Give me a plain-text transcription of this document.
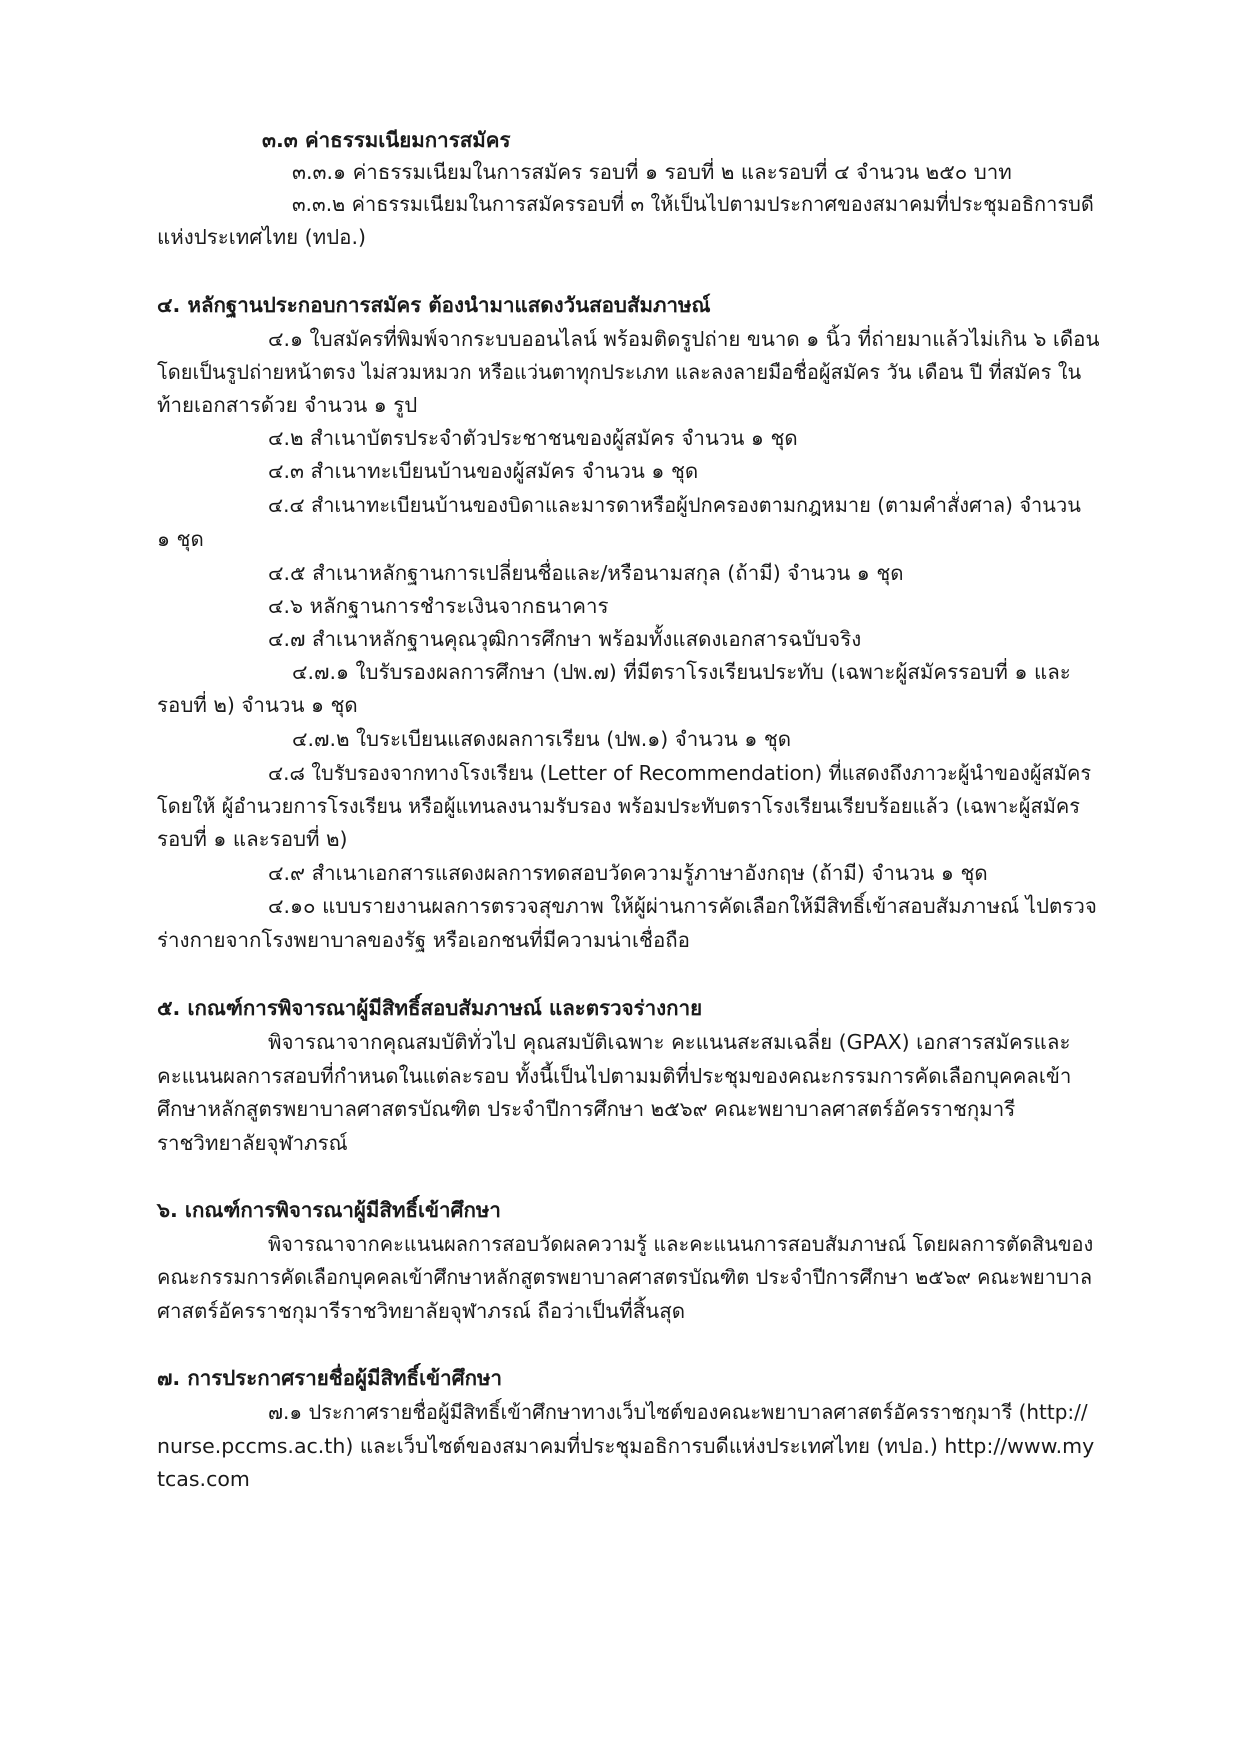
๓.๓ ค่าธรรมเนียมการสมัคร
๓.๓.๑ ค่าธรรมเนียมในการสมัคร รอบที่ ๑ รอบที่ ๒ และรอบที่ ๔ จำนวน ๒๕๐ บาท
๓.๓.๒ ค่าธรรมเนียมในการสมัครรอบที่ ๓ ให้เป็นไปตามประกาศของสมาคมที่ประชุมอธิการบดี
แห่งประเทศไทย (ทปอ.)
๔. หลักฐานประกอบการสมัคร ต้องนำมาแสดงวันสอบสัมภาษณ์
๔.๑ ใบสมัครที่พิมพ์จากระบบออนไลน์ พร้อมติดรูปถ่าย ขนาด ๑ นิ้ว ที่ถ่ายมาแล้วไม่เกิน ๖ เดือน
โดยเป็นรูปถ่ายหน้าตรง ไม่สวมหมวก หรือแว่นตาทุกประเภท และลงลายมือชื่อผู้สมัคร วัน เดือน ปี ที่สมัคร ใน
ท้ายเอกสารด้วย จำนวน ๑ รูป
๔.๒ สำเนาบัตรประจำตัวประชาชนของผู้สมัคร จำนวน ๑ ชุด
๔.๓ สำเนาทะเบียนบ้านของผู้สมัคร จำนวน ๑ ชุด
๔.๔ สำเนาทะเบียนบ้านของบิดาและมารดาหรือผู้ปกครองตามกฎหมาย (ตามคำสั่งศาล) จำนวน
๑ ชุด
๔.๕ สำเนาหลักฐานการเปลี่ยนชื่อและ/หรือนามสกุล (ถ้ามี) จำนวน ๑ ชุด
๔.๖ หลักฐานการชำระเงินจากธนาคาร
๔.๗ สำเนาหลักฐานคุณวุฒิการศึกษา พร้อมทั้งแสดงเอกสารฉบับจริง
๔.๗.๑ ใบรับรองผลการศึกษา (ปพ.๗) ที่มีตราโรงเรียนประทับ (เฉพาะผู้สมัครรอบที่ ๑ และ
รอบที่ ๒) จำนวน ๑ ชุด
๔.๗.๒ ใบระเบียนแสดงผลการเรียน (ปพ.๑) จำนวน ๑ ชุด
๔.๘ ใบรับรองจากทางโรงเรียน (Letter of Recommendation) ที่แสดงถึงภาวะผู้นำของผู้สมัคร
โดยให้ ผู้อำนวยการโรงเรียน หรือผู้แทนลงนามรับรอง พร้อมประทับตราโรงเรียนเรียบร้อยแล้ว (เฉพาะผู้สมัคร
รอบที่ ๑ และรอบที่ ๒)
๔.๙ สำเนาเอกสารแสดงผลการทดสอบวัดความรู้ภาษาอังกฤษ (ถ้ามี) จำนวน ๑ ชุด
๔.๑๐ แบบรายงานผลการตรวจสุขภาพ ให้ผู้ผ่านการคัดเลือกให้มีสิทธิ์เข้าสอบสัมภาษณ์ ไปตรวจ
ร่างกายจากโรงพยาบาลของรัฐ หรือเอกชนที่มีความน่าเชื่อถือ
๕. เกณฑ์การพิจารณาผู้มีสิทธิ์สอบสัมภาษณ์ และตรวจร่างกาย
พิจารณาจากคุณสมบัติทั่วไป คุณสมบัติเฉพาะ คะแนนสะสมเฉลี่ย (GPAX) เอกสารสมัครและ
คะแนนผลการสอบที่กำหนดในแต่ละรอบ ทั้งนี้เป็นไปตามมติที่ประชุมของคณะกรรมการคัดเลือกบุคคลเข้า
ศึกษาหลักสูตรพยาบาลศาสตรบัณฑิต ประจำปีการศึกษา ๒๕๖๙ คณะพยาบาลศาสตร์อัครราชกุมารี
ราชวิทยาลัยจุฬาภรณ์
๖. เกณฑ์การพิจารณาผู้มีสิทธิ์เข้าศึกษา
พิจารณาจากคะแนนผลการสอบวัดผลความรู้ และคะแนนการสอบสัมภาษณ์ โดยผลการตัดสินของ
คณะกรรมการคัดเลือกบุคคลเข้าศึกษาหลักสูตรพยาบาลศาสตรบัณฑิต ประจำปีการศึกษา ๒๕๖๙ คณะพยาบาล
ศาสตร์อัครราชกุมารีราชวิทยาลัยจุฬาภรณ์ ถือว่าเป็นที่สิ้นสุด
๗. การประกาศรายชื่อผู้มีสิทธิ์เข้าศึกษา
๗.๑ ประกาศรายชื่อผู้มีสิทธิ์เข้าศึกษาทางเว็บไซต์ของคณะพยาบาลศาสตร์อัครราชกุมารี (http://
nurse.pccms.ac.th) และเว็บไซต์ของสมาคมที่ประชุมอธิการบดีแห่งประเทศไทย (ทปอ.) http://www.my
tcas.com
